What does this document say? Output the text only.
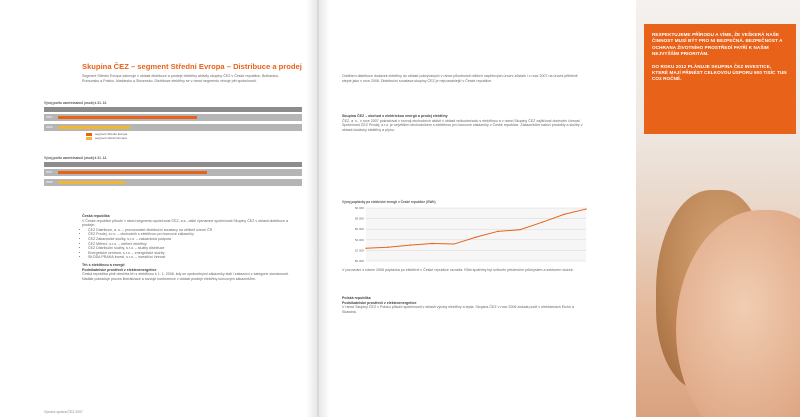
RESPEKTUJEME PŘÍRODU A VÍME, ŽE VEŠKERÁ NAŠE ČINNOST MUSÍ BÝT PRO NI BEZPEČNÁ. BEZPEČNOST A OCHRANA ŽIVOTNÍHO PROSTŘEDÍ PATŘÍ K NAŠIM NEJVYŠŠÍM PRIORITÁM.

DO ROKU 2012 PLÁNUJE SKUPINA ČEZ INVESTICE, KTERÉ MAJÍ PŘINÉST CELKOVOU ÚSPORU 900 TISÍC TUN CO2 ROČNĚ.

Skupina ČEZ – segment Střední Evropa – Distribuce a prodej
Segment Střední Evropa zahrnuje v oblasti distribuce a prodeje elektřiny aktivity skupiny ČEZ v České republice, Bulharsku, Rumunsku a Polsku. Maďarsko a Slovensko. Distribuce elektřiny se v rámci segmentu věnuje pět společností.
Vývoj počtu zaměstnanců (osob) k 31. 12.
2007
2006
segment Střední Evropa
segment střední Evropa
Vývoj počtu zaměstnanců (osob) k 31. 12.
2007
2006
Česká republika
V České republice působí v rámci segmentu společnost ČEZ, a.s., další významné společnosti Skupiny ČEZ v oblasti distribuce a prodeje:
• ČEZ Distribuce, a. s. – provozovatel distribuční soustavy na většině území ČR
• ČEZ Prodej, s.r.o. – obchodník s elektřinou pro koncové zákazníky
• ČEZ Zákaznické služby, s.r.o. – zákaznická podpora
• ČEZ Měření, s.r.o. – měření elektřiny
• ČEZ Distribuční služby, s.r.o. – služby distribuce
• Energetické centrum, s.r.o. – energetické služby
• SKODA PRAHA Invest, s.r.o. – investiční činnost
Trh s elektřinou a energií
Podnikatelské prostředí v elektroenergetice
Česká republika plně otevřela trh s elektřinou k 1. 1. 2006, kdy se oprávněnými zákazníky stali i zákazníci z kategorie domácností. Nadále pokračuje proces liberalizace a rozvoje konkurence v oblasti prodeje elektřiny koncovým zákazníkům.
Oddělení distribuce dodávek elektřiny do oblastí pokrývaných v rámci působnosti nižších napěťových úrovní zůstalo i v roce 2007 na úrovni přibližně stejné jako v roce 2006. Distribuční soustava skupiny ČEZ je nejrozsáhlejší v České republice.
Skupina ČEZ – obchod s elektrickou energií a prodej elektřiny
ČEZ, a. s., v roce 2007 pokračoval v rozvoji obchodních aktivit v oblasti velkoobchodu s elektřinou a v rámci Skupiny ČEZ zajišťoval obchodní činnost. Společnost ČEZ Prodej, s.r.o. je největším obchodníkem s elektřinou pro koncové zákazníky v České republice. Zákazníkům nabízí produkty a služby v oblasti dodávky elektřiny a plynu.
Vývoj poptávky po elektrické energii v České republice (GWh)
60 000
58 000
56 000
54 000
52 000
50 000
V porovnání s rokem 2006 poptávka po elektřině v České republice vzrostla. Růst spotřeby byl ovlivněn především průmyslem a sektorem služeb.
Polská republika
Podnikatelské prostředí v elektroenergetice
V rámci Skupiny ČEZ v Polsku působí společnosti v oblasti výroby elektřiny a tepla. Skupina ČEZ v roce 2006 získala podíl v elektrárnách Elcho a Skawina.
Výroční zpráva ČEZ 2007
